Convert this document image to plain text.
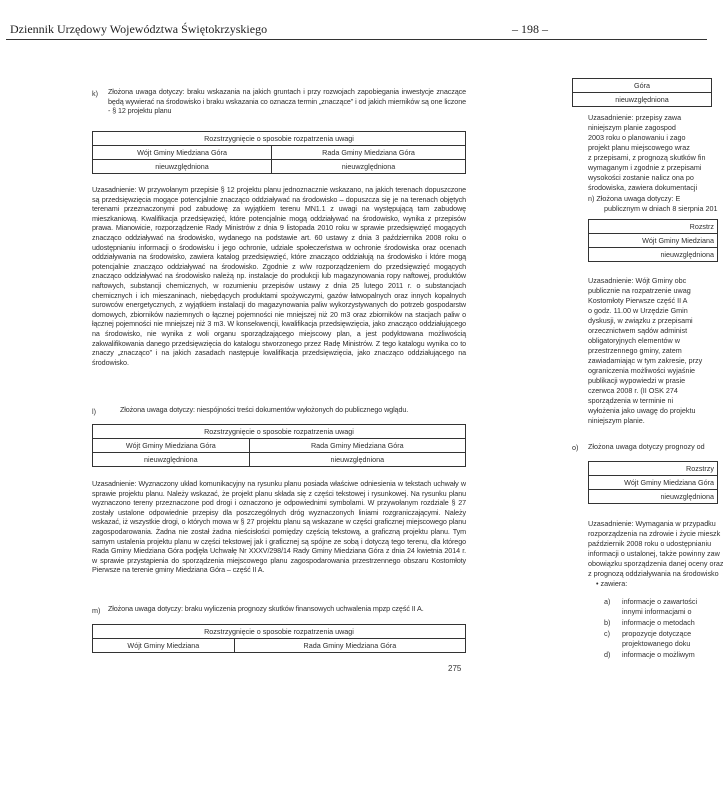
Dziennik Urzędowy Województwa Świętokrzyskiego	– 198 –
k) Złożona uwaga dotyczy: braku wskazania na jakich gruntach i przy rozwojach zapobiegania inwestycje znaczące będą wywierać na środowisko i braku wskazania co oznacza termin „znaczące” i od jakich mierników są one liczone - § 12 projektu planu
Rozstrzygnięcie o sposobie rozpatrzenia uwagi	
Wójt Gminy Miedziana Góra	Rada Gminy Miedziana Góra
nieuwzględniona	nieuwzględniona
Uzasadnienie: W przywołanym przepisie § 12 projektu planu jednoznacznie wskazano, na jakich terenach dopuszczone są przedsięwzięcia mogące potencjalnie znacząco oddziaływać na środowisko – dopuszcza się je na terenach objętych terenami przeznaczonymi pod zabudowę za wyjątkiem terenu MN1.1 z uwagi na występującą tam zabudowę mieszkaniową. Kwalifikacja przedsięwzięć, które potencjalnie mogą oddziaływać na środowisko, wynika z przepisów prawa. Mianowicie, rozporządzenie Rady Ministrów z dnia 9 listopada 2010 roku w sprawie przedsięwzięć mogących znacząco oddziaływać na środowisko, wydanego na podstawie art. 60 ustawy z dnia 3 października 2008 roku o udostępnianiu informacji o środowisku i jego ochronie, udziale społeczeństwa w ochronie środowiska oraz ocenach oddziaływania na środowisko, zawiera katalog przedsięwzięć, które znacząco oddziałują na środowisko i które mogą potencjalnie znacząco oddziaływać na środowisko. Zgodnie z w/w rozporządzeniem do przedsięwzięć mogących znacząco oddziaływać na środowisko należą np. instalacje do produkcji lub magazynowania ropy naftowej, produktów naftowych, substancji chemicznych, w rozumieniu przepisów ustawy z dnia 25 lutego 2011 r. o substancjach chemicznych i ich mieszaninach, niebędących produktami spożywczymi, gazów łatwopalnych oraz innych kopalnych surowców energetycznych, z wyjątkiem instalacji do magazynowania paliw wykorzystywanych do potrzeb gospodarstw domowych, zbiorników naziemnych o łącznej pojemności nie mniejszej niż 20 m3 oraz zbiorników na stacjach paliw o łącznej pojemności nie mniejszej niż 3 m3. W konsekwencji, kwalifikacja przedsięwzięcia, jako znacząco oddziałującego na środowisko, nie wynika z woli organu sporządzającego miejscowy plan, a jest podyktowana możliwością zakwalifikowania danego przedsięwzięcia do katalogu stworzonego przez Radę Ministrów. Z tego katalogu wynika co to znaczy „znacząco” i na jakich zasadach następuje kwalifikacja przedsięwzięcia, jako znacząco oddziałującego na środowisko.
l)	Złożona uwaga dotyczy: niespójności treści dokumentów wyłożonych do publicznego wglądu.
Rozstrzygnięcie o sposobie rozpatrzenia uwagi	
Wójt Gminy Miedziana Góra	Rada Gminy Miedziana Góra
nieuwzględniona	nieuwzględniona
Uzasadnienie: Wyznaczony układ komunikacyjny na rysunku planu posiada właściwe odniesienia w tekstach uchwały w sprawie projektu planu. Należy wskazać, że projekt planu składa się z części tekstowej i rysunkowej. Na rysunku planu wyznaczono tereny przeznaczone pod drogi i oznaczono je odpowiednimi symbolami. W przywołanym rozdziale § 27 zostały ustalone odpowiednie przepisy dla poszczególnych dróg wyznaczonych liniami rozgraniczającymi. Należy wskazać, iż wszystkie drogi, o których mowa w § 27 projektu planu są wskazane w części graficznej miejscowego planu zagospodarowania. Żadna nie został żadna nieścisłości pomiędzy częścią tekstową, a graficzną projektu planu. Tym samym ustalenia projektu planu w części tekstowej jak i graficznej są spójne ze sobą i dotyczą tego terenu, dla którego Rada Gminy Miedziana Góra podjęła Uchwałę Nr XXXV/298/14 Rady Gminy Miedziana Góra z dnia 24 kwietnia 2014 r. w sprawie przystąpienia do sporządzenia miejscowego planu zagospodarowania przestrzennego obszaru Kostomłoty Pierwsze na terenie gminy Miedziana Góra – część II A.
m) Złożona uwaga dotyczy: braku wyliczenia prognozy skutków finansowych uchwalenia mpzp część II A.
Rozstrzygnięcie o sposobie rozpatrzenia uwagi
Wójt Gminy Miedziana	Rada Gminy Miedziana Góra
275
Góra
nieuwzględniona
Uzasadnienie: przepisy zawa
niniejszym planie zagospod
2003 roku o planowaniu i zago
projekt planu miejscowego wraz
z przepisami, z prognozą skutków fin
wymaganym i zgodnie z przepisami
wysokości zostanie nalicz ona po
środowiska, zawiera dokumentacji
n) Złożona uwaga dotyczy: E
publicznym w dniach 8 sierpnia 201
Rozstrz
Wójt Gminy Miedziana
nieuwzględniona
Uzasadnienie: Wójt Gminy obc
publicznie na rozpatrzenie uwag
Kostomłoty Pierwsze część II A
o godz. 11.00 w Urzędzie Gmin
dyskusji, w związku z przepisami
orzecznictwem sądów administ
obligatoryjnych elementów w
przestrzennego gminy, zatem
zawiadamiając w tym zakresie, przy
ograniczenia możliwości wyjaśnie
publikacji wypowiedzi w prasie
czerwca 2008 r. (II OSK 274
sporządzenia w terminie ni
wyłożenia jako uwagę do projektu
niniejszym planie.
o) Złożona uwaga dotyczy prognozy od
Rozstrzy
Wójt Gminy Miedziana Góra
nieuwzględniona
Uzasadnienie: Wymagania w przypadku
rozporządzenia na zdrowie i życie mieszk
październik 2008 roku o udostępnianiu
informacji o ustalonej, także powinny zaw
obowiązku sporządzenia danej oceny oraz
z prognozą oddziaływania na środowisko
• zawiera:
a) informacje o zawartości
innymi informacjami o
b) informacje o metodach
c) propozycje dotyczące
projektowanego doku
d) informacje o możliwym
